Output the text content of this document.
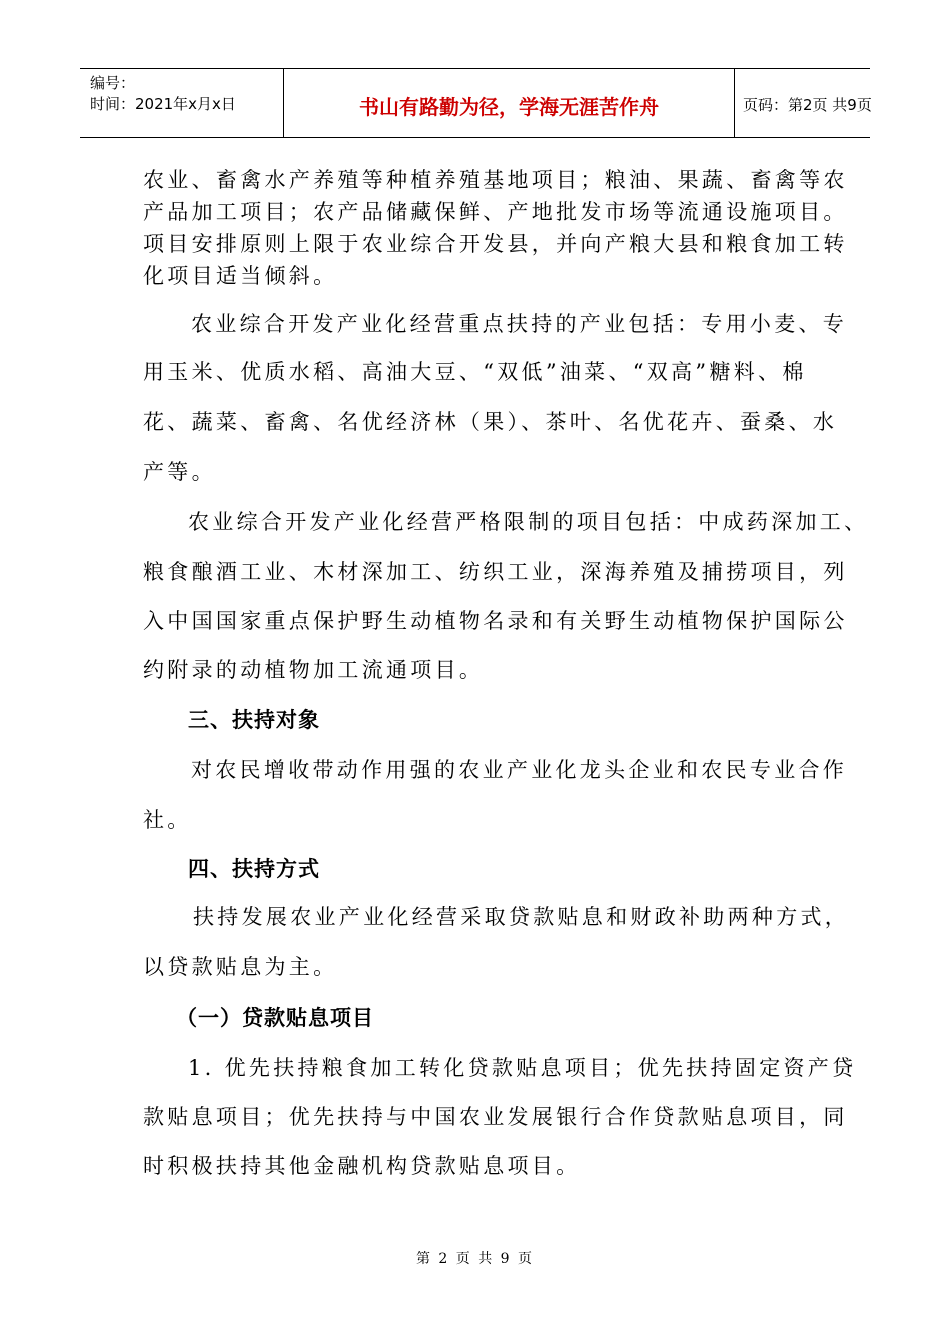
编号：
时间：2021年x月x日	书山有路勤为径，学海无涯苦作舟	页码：第2页 共9页
农业、畜禽水产养殖等种植养殖基地项目；粮油、果蔬、畜禽等农
产品加工项目；农产品储藏保鲜、产地批发市场等流通设施项目。
项目安排原则上限于农业综合开发县，并向产粮大县和粮食加工转
化项目适当倾斜。
农业综合开发产业化经营重点扶持的产业包括：专用小麦、专
用玉米、优质水稻、高油大豆、“双低”油菜、“双高”糖料、棉
花、蔬菜、畜禽、名优经济林（果）、茶叶、名优花卉、蚕桑、水
产等。
农业综合开发产业化经营严格限制的项目包括：中成药深加工、
粮食酿酒工业、木材深加工、纺织工业，深海养殖及捕捞项目，列
入中国国家重点保护野生动植物名录和有关野生动植物保护国际公
约附录的动植物加工流通项目。
三、扶持对象
对农民增收带动作用强的农业产业化龙头企业和农民专业合作
社。
四、扶持方式
扶持发展农业产业化经营采取贷款贴息和财政补助两种方式，
以贷款贴息为主。
（一）贷款贴息项目
1. 优先扶持粮食加工转化贷款贴息项目；优先扶持固定资产贷
款贴息项目；优先扶持与中国农业发展银行合作贷款贴息项目，同
时积极扶持其他金融机构贷款贴息项目。
第 2 页 共 9 页
